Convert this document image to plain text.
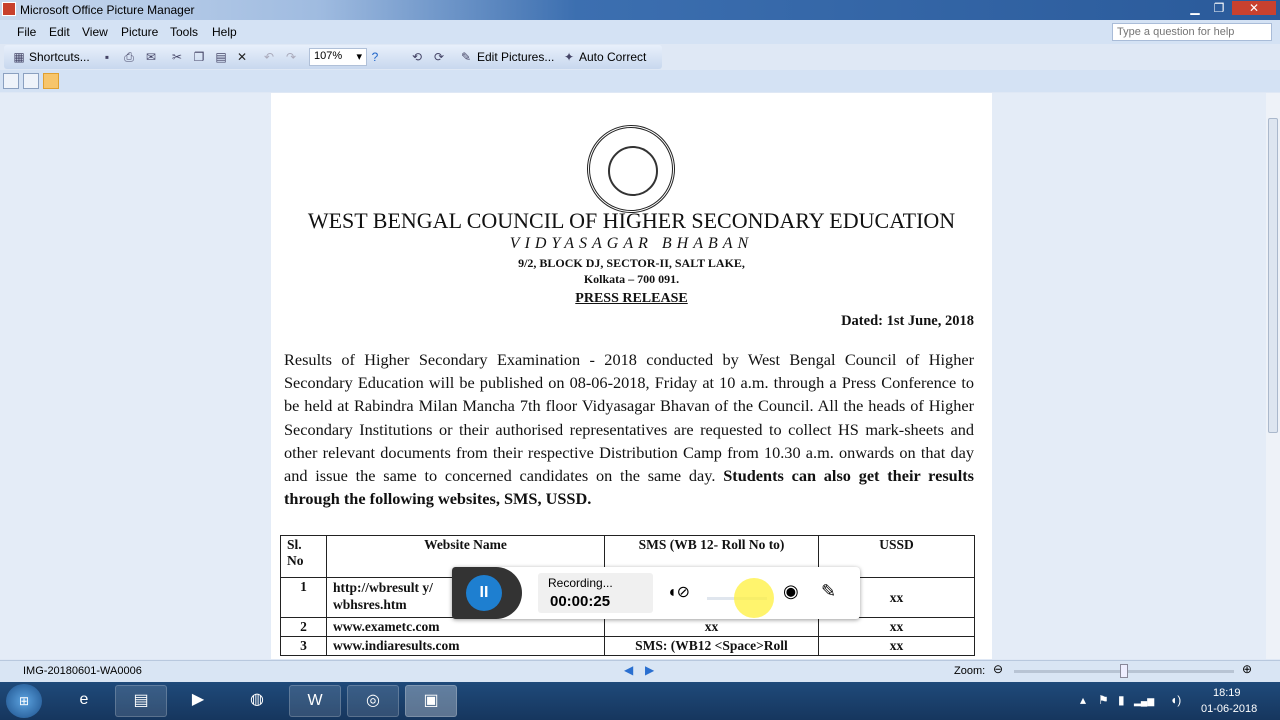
Microsoft Office Picture Manager	▁	❐	✕
File Edit View Picture Tools Help
Type a question for help
▦ Shortcuts...	▪	⎙ ✉ ✂ ❐ ▤ ✕ ↶ ↷	107% ▾ ?	⟲ ⟳ ✎ Edit Pictures... ✦ Auto Correct
WEST BENGAL COUNCIL OF HIGHER SECONDARY EDUCATION
VIDYASAGAR BHABAN
9/2, BLOCK DJ, SECTOR-II, SALT LAKE,
Kolkata – 700 091.
PRESS RELEASE
Dated: 1st June, 2018
Results of Higher Secondary Examination - 2018 conducted by West Bengal Council of Higher Secondary Education will be published on 08-06-2018, Friday at 10 a.m. through a Press Conference to be held at Rabindra Milan Mancha 7th floor Vidyasagar Bhavan of the Council. All the heads of Higher Secondary Institutions or their authorised representatives are requested to collect HS mark-sheets and other relevant documents from their respective Distribution Camp from 10.30 a.m. onwards on that day and issue the same to concerned candidates on the same day. Students can also get their results through the following websites, SMS, USSD.
Sl. No	Website Name	SMS (WB 12- Roll No to)	USSD
1	http://wbresult y/wbhsres.htm		xx
2	www.exametc.com	xx	xx
3	www.indiaresults.com	SMS: (WB12 <Space>Roll	xx
II
Recording...
00:00:25
◖⊘	◉ ✎
IMG-20180601-WA0006	◀ ▶	Zoom: ⊖	⊕
⊞	e	▤	▶	◍	W	◎	▣	▴ ⚑ ▮ ▂▄▆ ◖)	18:19
01-06-2018
